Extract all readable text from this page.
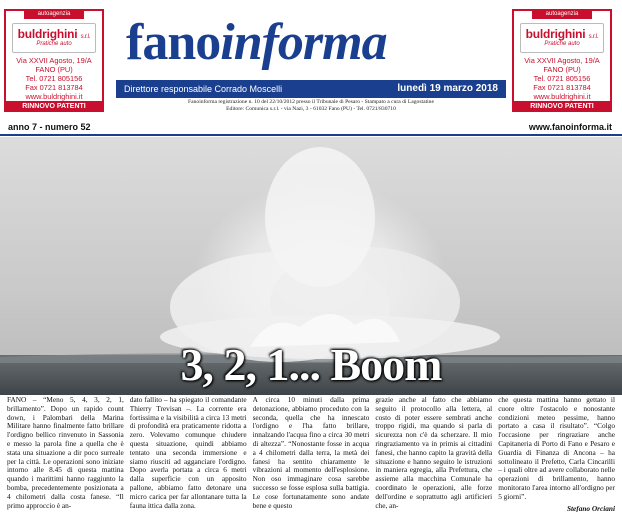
autoagenzia
buldrighini s.r.l.
Pratiche auto
Via XXVII Agosto, 19/A
FANO (PU)
Tel. 0721 805156
Fax 0721 813784
www.buldrighini.it
RINNOVO PATENTI
autoagenzia
buldrighini s.r.l.
Pratiche auto
Via XXVII Agosto, 19/A
FANO (PU)
Tel. 0721 805156
Fax 0721 813784
www.buldrighini.it
RINNOVO PATENTI
fanoinforma
Direttore responsabile Corrado Moscelli	lunedì 19 marzo 2018
Fanoinforma registrazione n. 10 del 22/10/2012 presso il Tribunale di Pesaro - Stampato a cura di Lagostatine
Editore: Comunica s.r.l. - via Nazi, 3 - 61032 Fano (PU) - Tel. 0721/830710
anno 7 - numero 52	www.fanoinforma.it
3, 2, 1... Boom
FANO – “Meno 5, 4, 3, 2, 1, brillamento”. Dopo un rapido count down, i Palombari della Marina Militare hanno finalmente fatto brillare l'ordigno bellico rinvenuto in Sassonia e messo la parola fine a quella che è stata una situazione a dir poco surreale per la città. Le operazioni sono iniziate intorno alle 8.45 di questa mattina quando i marittimi hanno raggiunto la bomba, precedentemente posizionata a 4 chilometri dalla costa fanese. “Il primo approccio è an-
dato fallito – ha spiegato il comandante Thierry Trevisan –. La corrente era fortissima e la visibilità a circa 13 metri di profondità era praticamente ridotta a zero. Volevamo comunque chiudere questa situazione, quindi abbiamo tentato una seconda immersione e siamo riusciti ad agganciare l'ordigno. Dopo averla portata a circa 6 metri dalla superficie con un apposito pallone, abbiamo fatto detonare una micro carica per far allontanare tutta la fauna ittica dalla zona.
A circa 10 minuti dalla prima detonazione, abbiamo proceduto con la seconda, quella che ha innescato l'ordigno e l'ha fatto brillare, innalzando l'acqua fino a circa 30 metri di altezza”. “Nonostante fosse in acqua a 4 chilometri dalla terra, la metà dei fanesi ha sentito chiaramente le vibrazioni al momento dell'esplosione. Non oso immaginare cosa sarebbe successo se fosse esplosa sulla battigia. Le cose fortunatamente sono andate bene e questo
grazie anche al fatto che abbiamo seguito il protocollo alla lettera, al costo di poter essere sembrati anche troppo rigidi, ma quando si parla di sicurezza non c'è da scherzare. Il mio ringraziamento va in primis ai cittadini fanesi, che hanno capito la gravità della situazione e hanno seguito le istruzioni in maniera egregia, alla Prefettura, che assieme alla macchina Comunale ha coordinato le operazioni, alle forze dell'ordine e soprattutto agli artificieri che, an-
che questa mattina hanno gettato il cuore oltre l'ostacolo e nonostante condizioni meteo pessime, hanno portato a casa il risultato”. “Colgo l'occasione per ringraziare anche Capitaneria di Porto di Fano e Pesaro e Guardia di Finanza di Ancona – ha sottolineato il Prefetto, Carla Cincarilli – i quali oltre ad avere collaborato nelle operazioni di brillamento, hanno monitorato l'area intorno all'ordigno per 5 giorni”.
Stefano Orciani
